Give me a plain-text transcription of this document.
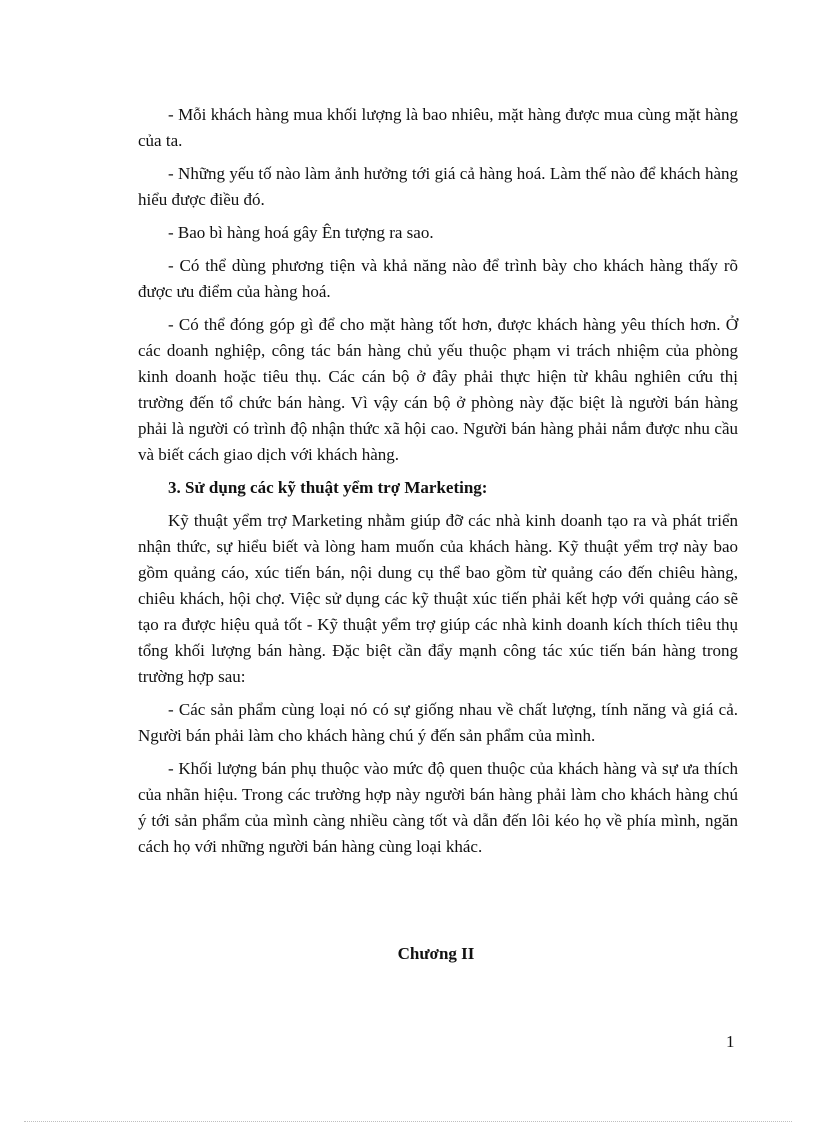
- Mỗi khách hàng mua khối lượng là bao nhiêu, mặt hàng được mua cùng mặt hàng của ta.

- Những yếu tố nào làm ảnh hưởng tới giá cả hàng hoá. Làm thế nào để khách hàng hiểu được điều đó.

- Bao bì hàng hoá gây Ên tượng ra sao.

- Có thể dùng phương tiện và khả năng nào để trình bày cho khách hàng thấy rõ được ưu điểm của hàng hoá.

- Có thể đóng góp gì để cho mặt hàng tốt hơn, được khách hàng yêu thích hơn. Ở các doanh nghiệp, công tác bán hàng chủ yếu thuộc phạm vi trách nhiệm của phòng kinh doanh hoặc tiêu thụ. Các cán bộ ở đây phải thực hiện từ khâu nghiên cứu thị trường đến tổ chức bán hàng. Vì vậy cán bộ ở phòng này đặc biệt là người bán hàng phải là người có trình độ nhận thức xã hội cao. Người bán hàng phải nắm được nhu cầu và biết cách giao dịch với khách hàng.

3. Sử dụng các kỹ thuật yểm trợ Marketing:

Kỹ thuật yểm trợ Marketing nhằm giúp đỡ các nhà kinh doanh tạo ra và phát triển nhận thức, sự hiểu biết và lòng ham muốn của khách hàng. Kỹ thuật yểm trợ này bao gồm quảng cáo, xúc tiến bán, nội dung cụ thể bao gồm từ quảng cáo đến chiêu hàng, chiêu khách, hội chợ. Việc sử dụng các kỹ thuật xúc tiến phải kết hợp với quảng cáo sẽ tạo ra được hiệu quả tốt - Kỹ thuật yểm trợ giúp các nhà kinh doanh kích thích tiêu thụ tổng khối lượng bán hàng. Đặc biệt cần đẩy mạnh công tác xúc tiến bán hàng trong trường hợp sau:

- Các sản phẩm cùng loại nó có sự giống nhau về chất lượng, tính năng và giá cả. Người bán phải làm cho khách hàng chú ý đến sản phẩm của mình.

- Khối lượng bán phụ thuộc vào mức độ quen thuộc của khách hàng và sự ưa thích của nhãn hiệu. Trong các trường hợp này người bán hàng phải làm cho khách hàng chú ý tới sản phẩm của mình càng nhiều càng tốt và dẫn đến lôi kéo họ về phía mình, ngăn cách họ với những người bán hàng cùng loại khác.

Chương II
1
